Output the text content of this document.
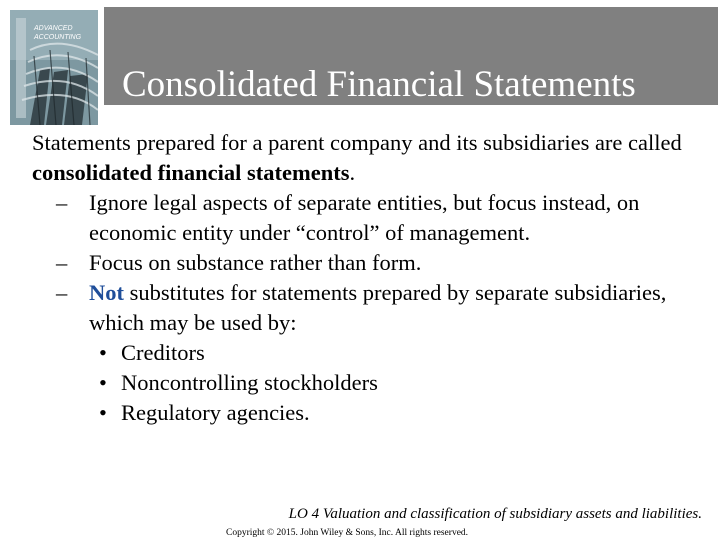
ADVANCED
ACCOUNTING
Consolidated Financial Statements

Statements prepared for a parent company and its subsidiaries are called consolidated financial statements.

– Ignore legal aspects of separate entities, but focus instead, on economic entity under “control” of management.

– Focus on substance rather than form.

– Not substitutes for statements prepared by separate subsidiaries, which may be used by:

• Creditors

• Noncontrolling stockholders

• Regulatory agencies.

LO 4 Valuation and classification of subsidiary assets and liabilities.
Copyright © 2015. John Wiley & Sons, Inc. All rights reserved.
